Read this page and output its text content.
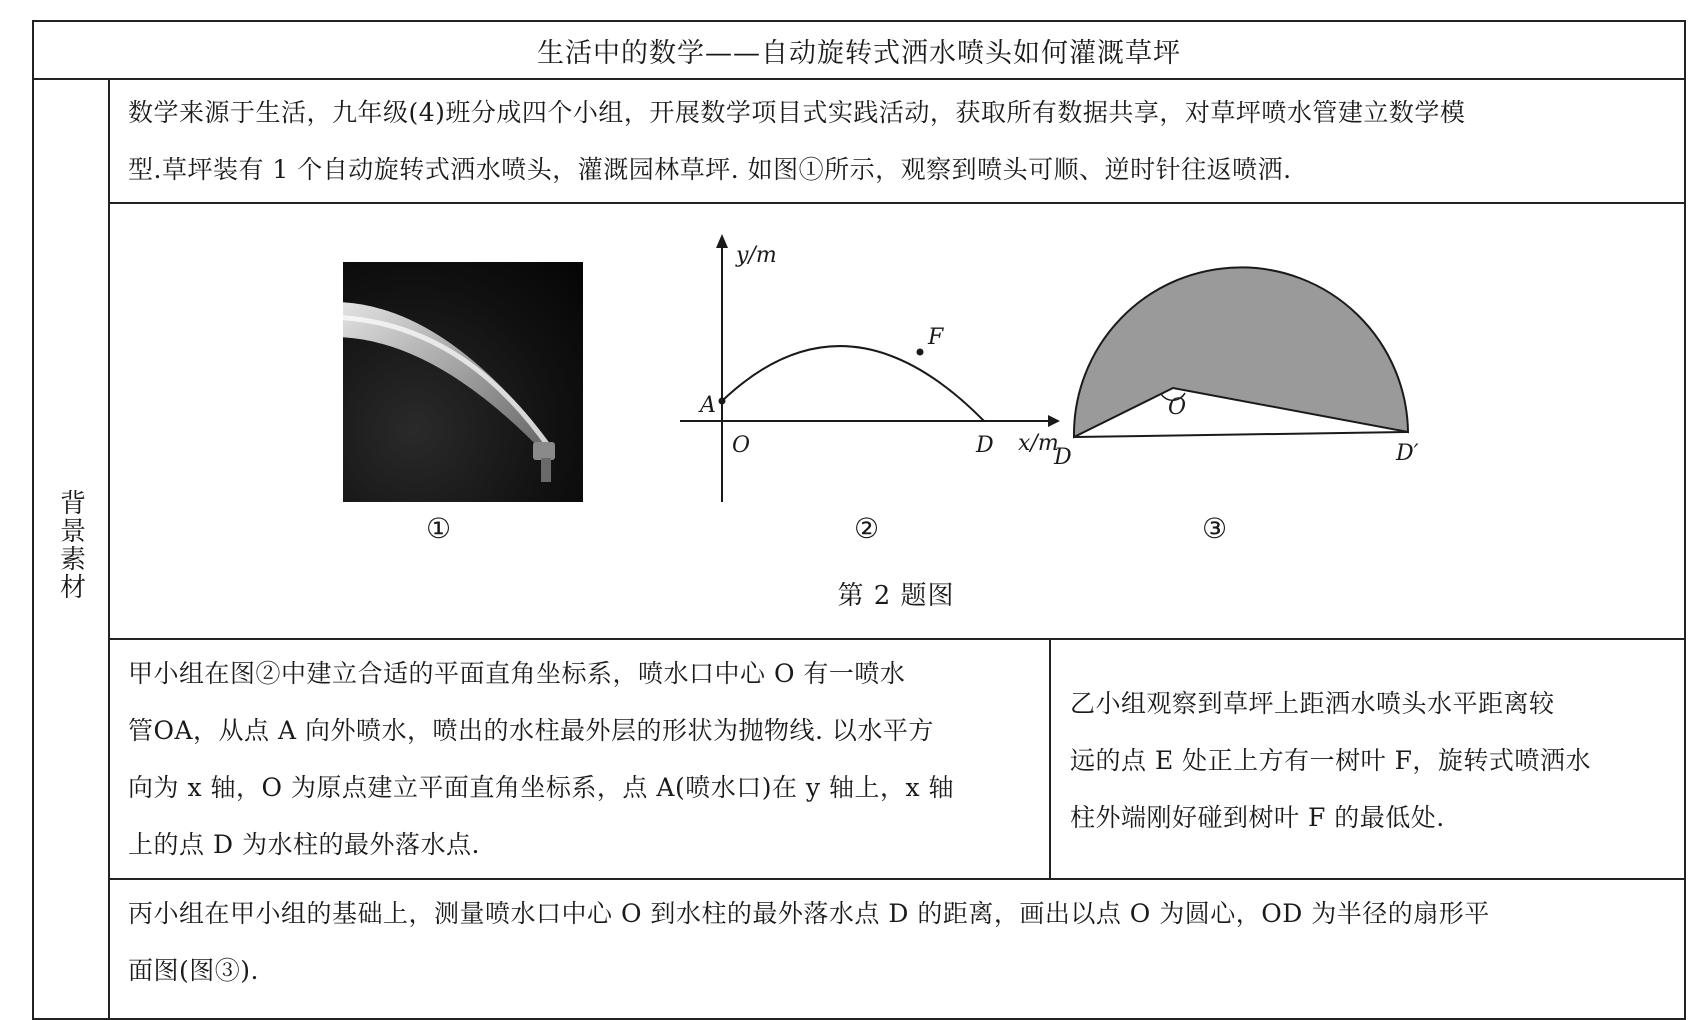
生活中的数学——自动旋转式洒水喷头如何灌溉草坪
背景素材
数学来源于生活，九年级(4)班分成四个小组，开展数学项目式实践活动，获取所有数据共享，对草坪喷水管建立数学模
型.草坪装有 1 个自动旋转式洒水喷头，灌溉园林草坪. 如图①所示，观察到喷头可顺、逆时针往返喷洒.
y/m
x/m
O
A
F
D
②
O
D	D′
③
①
第 2 题图
甲小组在图②中建立合适的平面直角坐标系，喷水口中心 O 有一喷水
管OA，从点 A 向外喷水，喷出的水柱最外层的形状为抛物线. 以水平方
向为 x 轴，O 为原点建立平面直角坐标系，点 A(喷水口)在 y 轴上，x 轴
上的点 D 为水柱的最外落水点.
乙小组观察到草坪上距洒水喷头水平距离较
远的点 E 处正上方有一树叶 F，旋转式喷洒水
柱外端刚好碰到树叶 F 的最低处.
丙小组在甲小组的基础上，测量喷水口中心 O 到水柱的最外落水点 D 的距离，画出以点 O 为圆心，OD 为半径的扇形平
面图(图③).
